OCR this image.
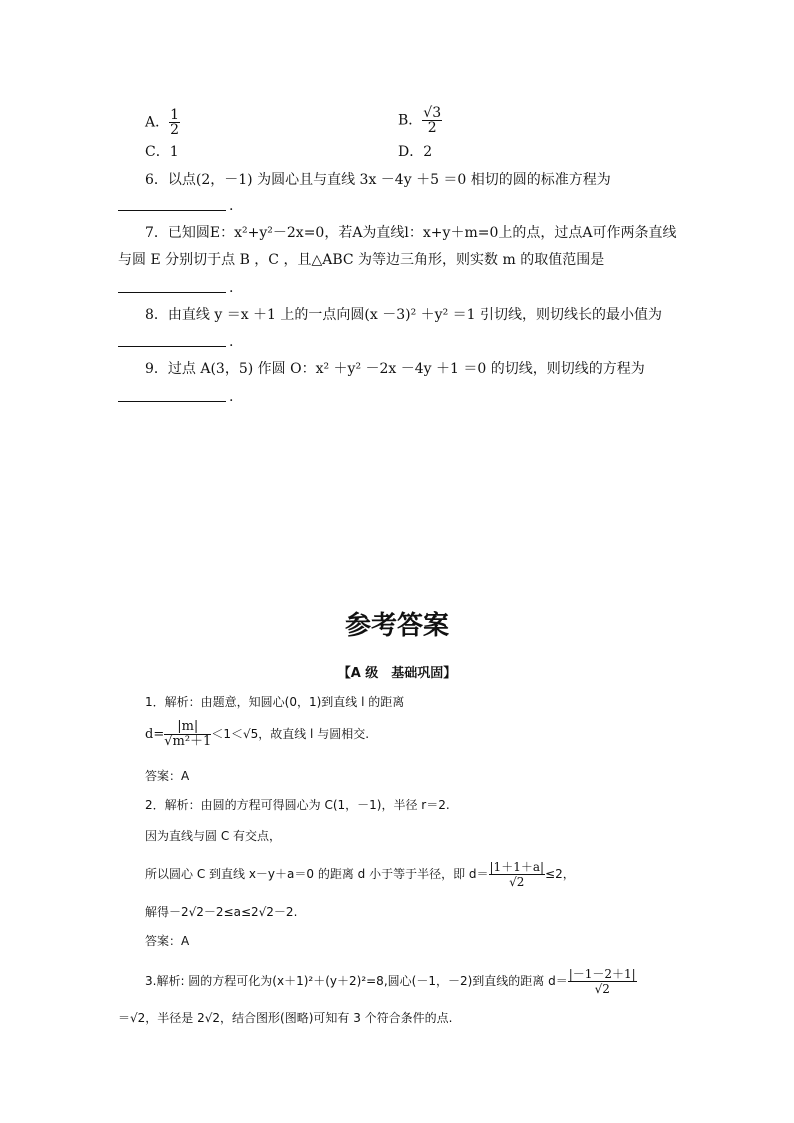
A． $\frac{1}{2}$	B． $\frac{√3}{2}$
C．1	D．2
6．以点(2，－1) 为圆心且与直线 3x －4y ＋5 ＝0 相切的圆的标准方程为
.
7．已知圆E：x²+y²－2x=0，若A为直线l：x+y＋m=0上的点，过点A可作两条直线
与圆 E 分别切于点 B ，C ，且△ABC 为等边三角形，则实数 m 的取值范围是
.
8．由直线 y ＝x ＋1 上的一点向圆(x －3)² ＋y² ＝1 引切线，则切线长的最小值为
.
9．过点 A(3，5) 作圆 O：x² ＋y² －2x －4y ＋1 ＝0 的切线，则切线的方程为
.
参考答案
【A 级　基础巩固】
1．解析：由题意，知圆心(0，1)到直线 l 的距离
$d= \frac{|m|}{\text{√m²＋1}} <1<√5$，故直线 l 与圆相交.
答案：A
2．解析：由圆的方程可得圆心为 C(1，－1)，半径 r＝2.
因为直线与圆 C 有交点，
所以圆心 C 到直线 x－y＋a＝0 的距离 d 小于等于半径，即 $d= \frac{|1+1+a|}{√2} \le 2$，
解得－2√2－2≤a≤2√2－2.
答案：A
3.解析: 圆的方程可化为(x＋1)²＋(y＋2)²=8,圆心(－1，－2)到直线的距离 $d= \frac{|-1-2+1|}{√2}$
＝√2，半径是 2√2，结合图形(图略)可知有 3 个符合条件的点.
